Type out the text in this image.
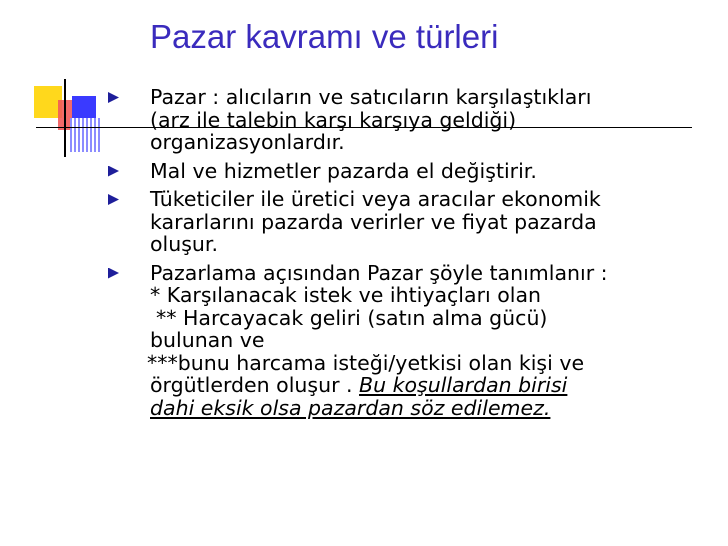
Pazar kavramı ve türleri
Pazar : alıcıların ve satıcıların karşılaştıkları
(arz ile talebin karşı karşıya geldiği)
organizasyonlardır.
Mal ve hizmetler pazarda el değiştirir.
Tüketiciler ile üretici veya aracılar ekonomik
kararlarını pazarda verirler ve fiyat pazarda
oluşur.
Pazarlama açısından Pazar şöyle tanımlanır :
* Karşılanacak istek ve ihtiyaçları olan
** Harcayacak geliri (satın alma gücü)
bulunan ve
***bunu harcama isteği/yetkisi olan kişi ve
örgütlerden oluşur . Bu koşullardan birisi
dahi eksik olsa pazardan söz edilemez.
